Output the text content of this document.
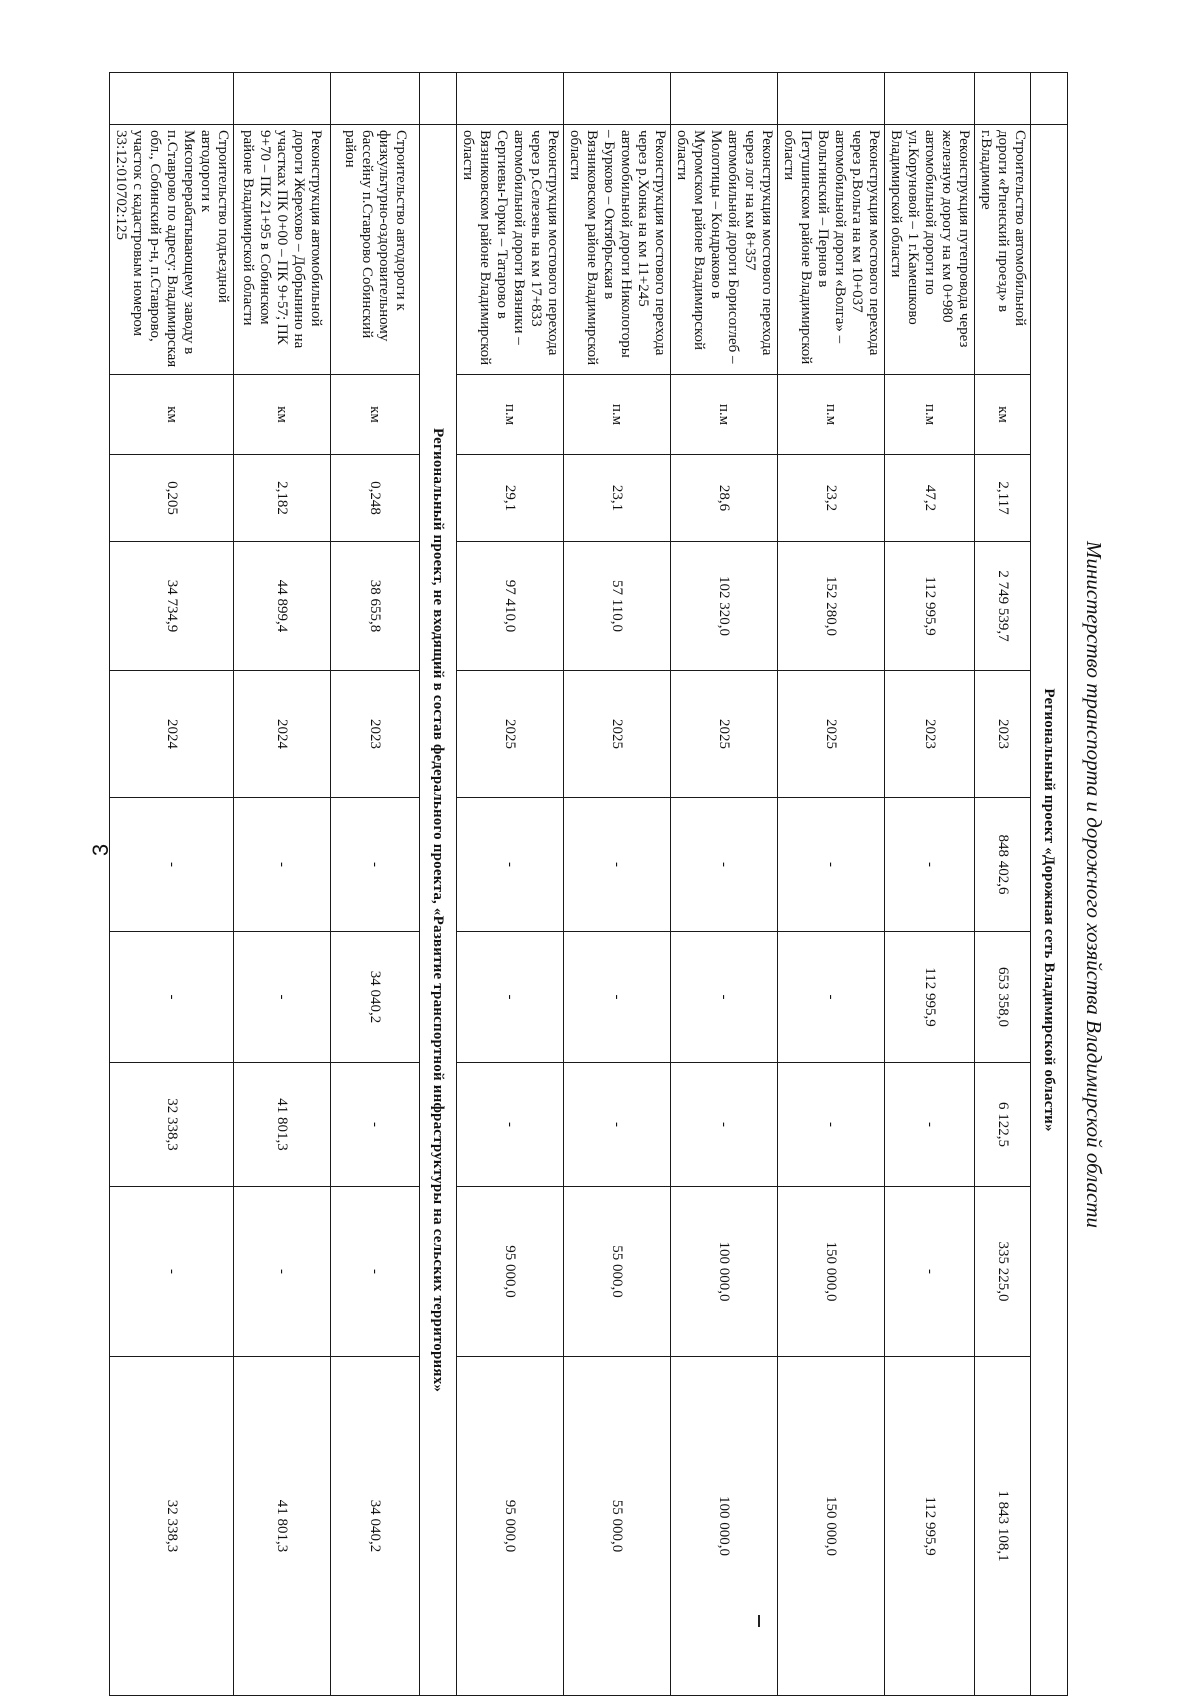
3	Министерство транспорта и дорожного хозяйства Владимирской области
	Региональный проект «Дорожная сеть Владимирской области»									
	Строительство автомобильной дороги «Рпенский проезд» в г.Владимире	км	2,117	2 749 539,7	2023	848 402,6	653 358,0	6 122,5	335 225,0	1 843 108,1
	Реконструкция путепровода через железную дорогу на км 0+980 автомобильной дороги по ул.Коруновой – 1 г.Камешково Владимирской области	п.м	47,2	112 995,9	2023	-	112 995,9	-	-	112 995,9
	Реконструкция мостового перехода через р.Вольга на км 10+037 автомобильной дороги «Волга» – Вольгинский – Пернов в Петушинском районе Владимирской области	п.м	23,2	152 280,0	2025	-	-	-	150 000,0	150 000,0
	Реконструкция мостового перехода через лог на км 8+357 автомобильной дороги Борисоглеб – Молотицы – Кондраково в Муромском районе Владимирской области	п.м	28,6	102 320,0	2025	-	-	-	100 000,0	100 000,0
	Реконструкция мостового перехода через р.Хонка на км 11+245 автомобильной дороги Никологоры – Бурково – Октябрьская в Вязниковском районе Владимирской области	п.м	23,1	57 110,0	2025	-	-	-	55 000,0	55 000,0
	Реконструкция мостового перехода через р.Селезень на км 17+833 автомобильной дороги Вязники – Сергиевы-Горки – Татарово в Вязниковском районе Владимирской области	п.м	29,1	97 410,0	2025	-	-	-	95 000,0	95 000,0
	Региональный проект, не входящий в состав федерального проекта, «Развитие транспортной инфраструктуры на сельских территориях»									
	Строительство автодороги к физкультурно-оздоровительному бассейну п.Ставрово Собинский район	км	0,248	38 655,8	2023	-	34 040,2	-	-	34 040,2
	Реконструкция автомобильной дороги Жерехово – Добрынино на участках ПК 0+00 – ПК 9+57; ПК 9+70 – ПК 21+95 в Собинском районе Владимирской области	км	2,182	44 899,4	2024	-	-	41 801,3	-	41 801,3
	Строительство подъездной автодороги к Мясоперерабатывающему заводу в п.Ставрово по адресу: Владимирская обл., Собинский р-н, п.Ставрово, участок с кадастровым номером 33:12:010702:125	км	0,205	34 734,9	2024	-	-	32 338,3	-	32 338,3
